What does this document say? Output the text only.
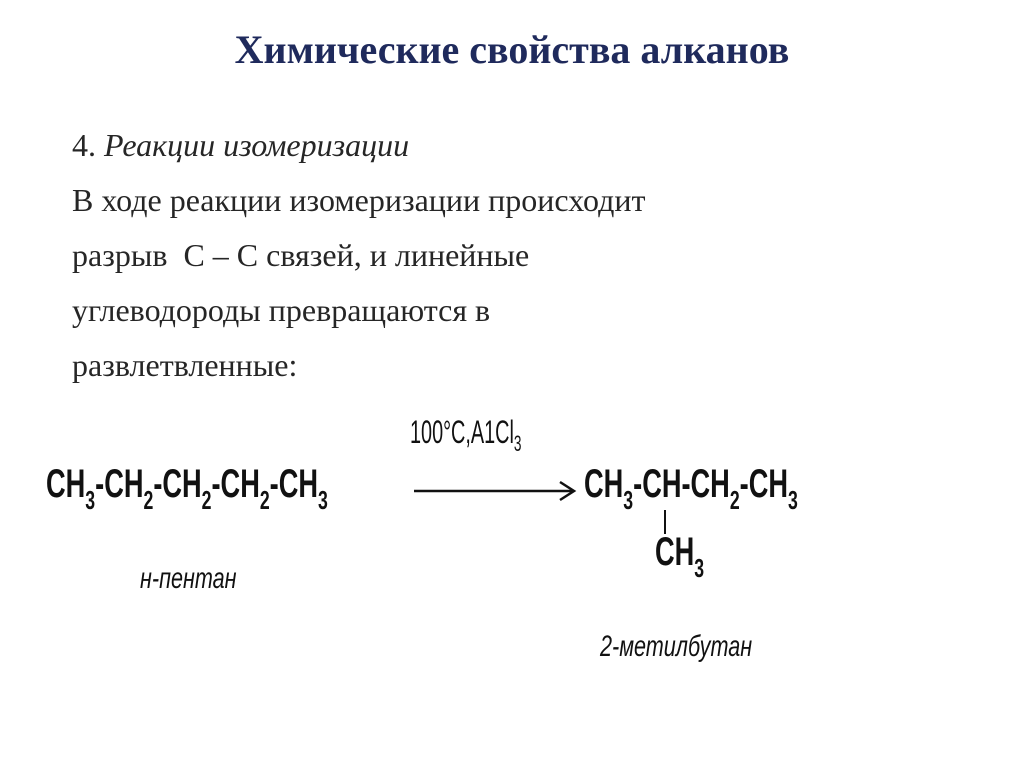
Химические свойства алканов
4. Реакции изомеризации
В ходе реакции изомеризации происходит
разрыв  С – С связей, и линейные
углеводороды превращаются в
развлетвленные:
$CH_3-CH_2-CH_2-CH_2-CH_3$
$100^\circ C,A1Cl_3$
$CH_3-CH-CH_2-CH_3$
$CH_3$
н-пентан
2-метилбутан
